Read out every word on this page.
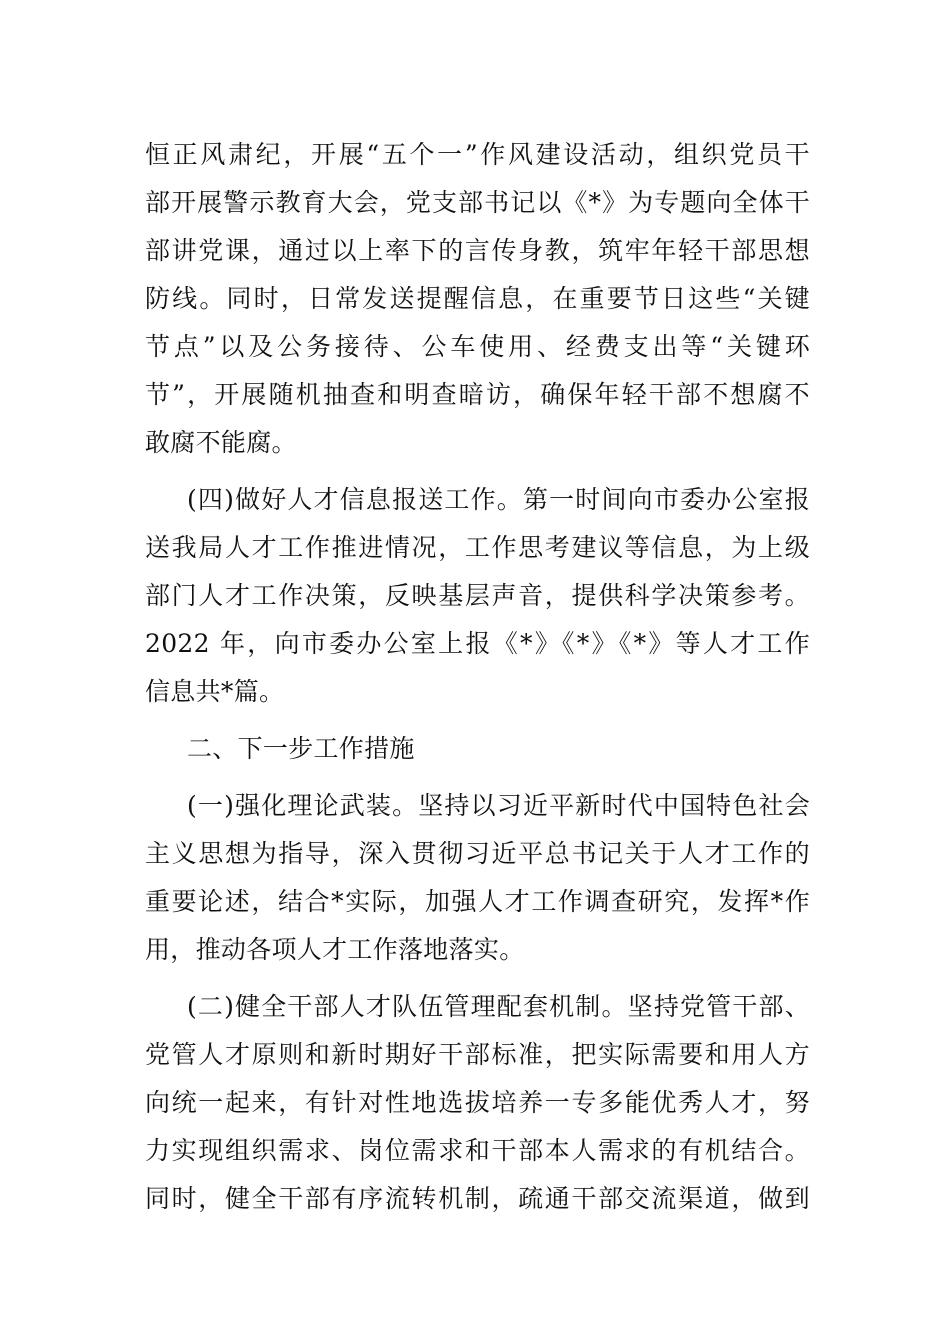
恒正风肃纪，开展“五个一”作风建设活动，组织党员干
部开展警示教育大会，党支部书记以《*》为专题向全体干
部讲党课，通过以上率下的言传身教，筑牢年轻干部思想
防线。同时，日常发送提醒信息，在重要节日这些“关键
节点”以及公务接待、公车使用、经费支出等“关键环
节”，开展随机抽查和明查暗访，确保年轻干部不想腐不
敢腐不能腐。
(四)做好人才信息报送工作。第一时间向市委办公室报
送我局人才工作推进情况，工作思考建议等信息，为上级
部门人才工作决策，反映基层声音，提供科学决策参考。
2022 年，向市委办公室上报《*》《*》《*》等人才工作
信息共*篇。
二、下一步工作措施
(一)强化理论武装。坚持以习近平新时代中国特色社会
主义思想为指导，深入贯彻习近平总书记关于人才工作的
重要论述，结合*实际，加强人才工作调查研究，发挥*作
用，推动各项人才工作落地落实。
(二)健全干部人才队伍管理配套机制。坚持党管干部、
党管人才原则和新时期好干部标准，把实际需要和用人方
向统一起来，有针对性地选拔培养一专多能优秀人才，努
力实现组织需求、岗位需求和干部本人需求的有机结合。
同时，健全干部有序流转机制，疏通干部交流渠道，做到
